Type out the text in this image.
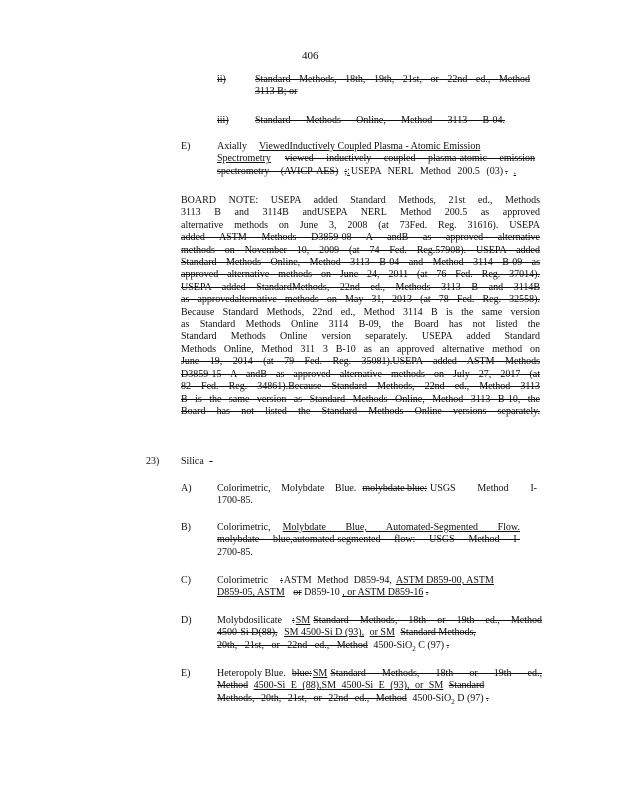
406
ii)	Standard Methods, 18th, 19th, 21st, or 22nd ed., Method
3113 B; or
iii)	Standard Methods Online, Method 3113 B-04.
E)	Axially ViewedInductively Coupled Plasma - Atomic Emission
Spectrometry viewed inductively coupled plasma-atomic emission
spectrometry (AVICP-AES) ; : USEPA NERL Method 200.5 (03) . .
BOARD NOTE: USEPA added Standard Methods, 21st ed., Methods
3113 B and 3114B andUSEPA NERL Method 200.5 as approved
alternative methods on June 3, 2008 (at 73Fed. Reg. 31616). USEPA
added ASTM Methods D3859-08 A andB as approved alternative
methods on November 10, 2009 (at 74 Fed. Reg.57908). USEPA added
Standard Methods Online, Method 3113 B-04 and Method 3114 B-09 as
approved alternative methods on June 24, 2011 (at 76 Fed. Reg. 37014).
USEPA added StandardMethods, 22nd ed., Methods 3113 B and 3114B
as approvedalternative methods on May 31, 2013 (at 78 Fed. Reg. 32558).
Because Standard Methods, 22nd ed., Method 3114 B is the same version
as Standard Methods Online 3114 B-09, the Board has not listed the
Standard Methods Online version separately. USEPA added Standard
Methods Online, Method 311 3 B-10 as an approved alternative method on
June 19, 2014 (at 79 Fed. Reg. 35081).USEPA added ASTM Methods
D3859-15 A andB as approved alternative methods on July 27, 2017 (at
82 Fed. Reg. 34861).Because Standard Methods, 22nd ed., Method 3113
B is the same version as Standard Methods Online, Method 3113 B-10, the
Board has not listed the Standard Methods Online versions separately.
23) Silica -
A)	Colorimetric, Molybdate Blue. molybdate blue: USGS Method I-
1700-85.
B)	Colorimetric, Molybdate Blue, Automated-Segmented Flow.
molybdate blue,automated-segmented flow: USGS Method I-
2700-85.
C)	Colorimetric : ASTM Method D859-94, ASTM D859-00, ASTM
D859-05, ASTM or D859-10 , or ASTM D859-16 .
D)	Molybdosilicate : SM Standard Methods, 18th or 19th ed., Method
4500-Si D(88), SM 4500-Si D (93), or SM Standard Methods,
20th, 21st, or 22nd ed., Method 4500-SiO$_2$ C (97) .
E)	Heteropoly Blue. blue: SM Standard Methods, 18th or 19th ed.,
Method 4500-Si E (88),SM 4500-Si E (93), or SM Standard
Methods, 20th, 21st, or 22nd ed., Method 4500-SiO$_2$ D (97) .
